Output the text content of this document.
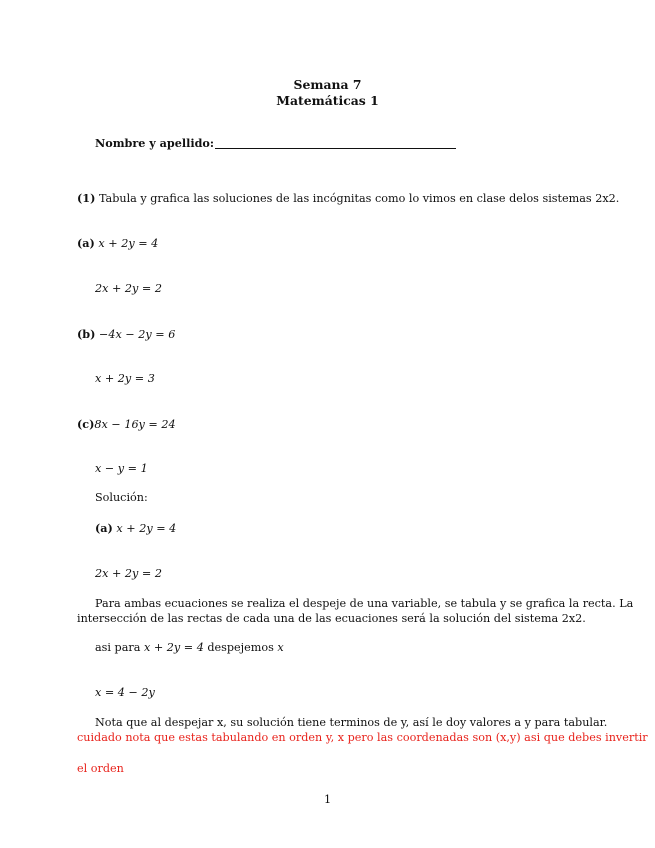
Semana 7
Matemáticas 1
Nombre y apellido:
(1) Tabula y grafica las soluciones de las incógnitas como lo vimos en clase delos sistemas 2x2.
(a) x + 2y = 4
2x + 2y = 2
(b) −4x − 2y = 6
x + 2y = 3
(c)8x − 16y = 24
x − y = 1
Solución:
(a) x + 2y = 4
2x + 2y = 2
Para ambas ecuaciones se realiza el despeje de una variable, se tabula y se grafica la recta. La
intersección de las rectas de cada una de las ecuaciones será la solución del sistema 2x2.
asi para x + 2y = 4 despejemos x
x = 4 − 2y
Nota que al despejar x, su solución tiene terminos de y, así le doy valores a y para tabular.
cuidado nota que estas tabulando en orden y, x pero las coordenadas son (x,y) asi que debes invertir
el orden
1
